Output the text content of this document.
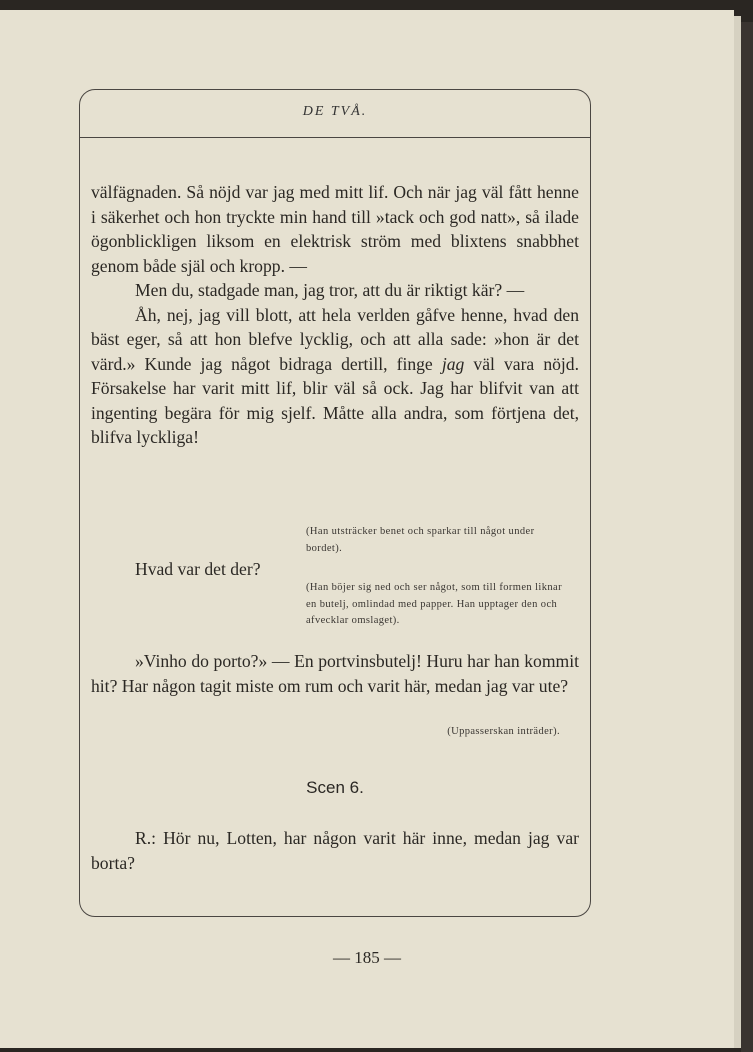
DE TVÅ.

välfägnaden. Så nöjd var jag med mitt lif. Och när jag väl fått henne i säkerhet och hon tryckte min hand till »tack och god natt», så ilade ögonblickligen liksom en elektrisk ström med blixtens snabbhet genom både själ och kropp. —

Men du, stadgade man, jag tror, att du är riktigt kär? —

Åh, nej, jag vill blott, att hela verlden gåfve henne, hvad den bäst eger, så att hon blefve lycklig, och att alla sade: »hon är det värd.» Kunde jag något bidraga dertill, finge jag väl vara nöjd. Försakelse har varit mitt lif, blir väl så ock. Jag har blifvit van att ingenting begära för mig sjelf. Måtte alla andra, som förtjena det, blifva lyckliga!

(Han utsträcker benet och sparkar till något under bordet).
Hvad var det der?
(Han böjer sig ned och ser något, som till formen liknar en butelj, omlindad med papper. Han upptager den och afvecklar omslaget).

»Vinho do porto?» — En portvinsbutelj! Huru har han kommit hit? Har någon tagit miste om rum och varit här, medan jag var ute?

(Uppasserskan inträder).
Scen 6.

R.: Hör nu, Lotten, har någon varit här inne, medan jag var borta?

— 185 —
